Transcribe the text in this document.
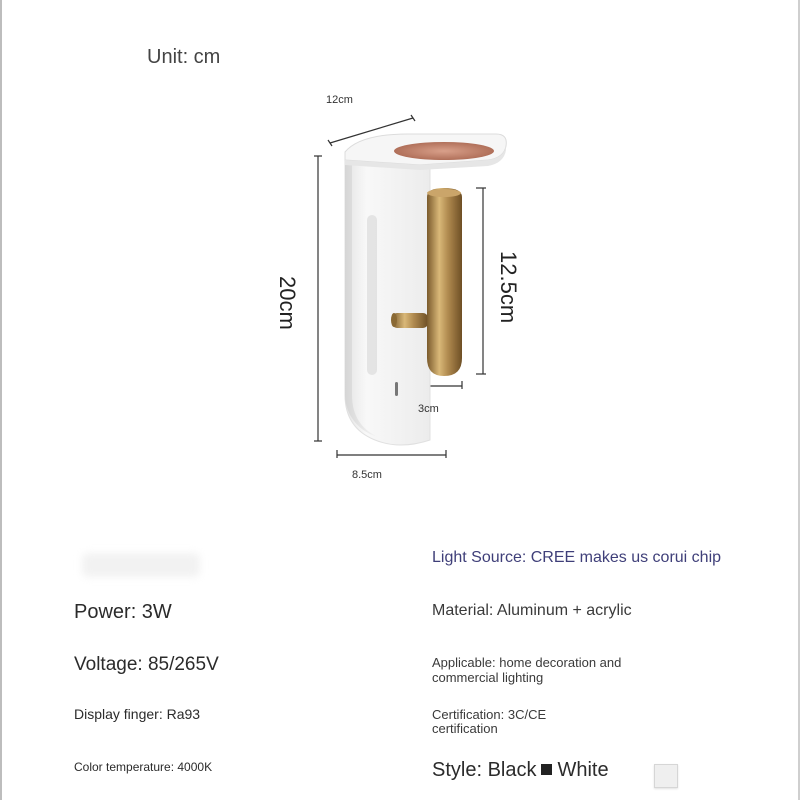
Unit: cm
12cm
20cm	12.5cm
3cm
8.5cm
Power: 3W
Voltage: 85/265V
Display finger: Ra93
Color temperature: 4000K
Light Source: CREE makes us corui chip
Material: Aluminum + acrylic
Applicable: home decoration and
commercial lighting
Certification: 3C/CE
certification
Style: Black White
